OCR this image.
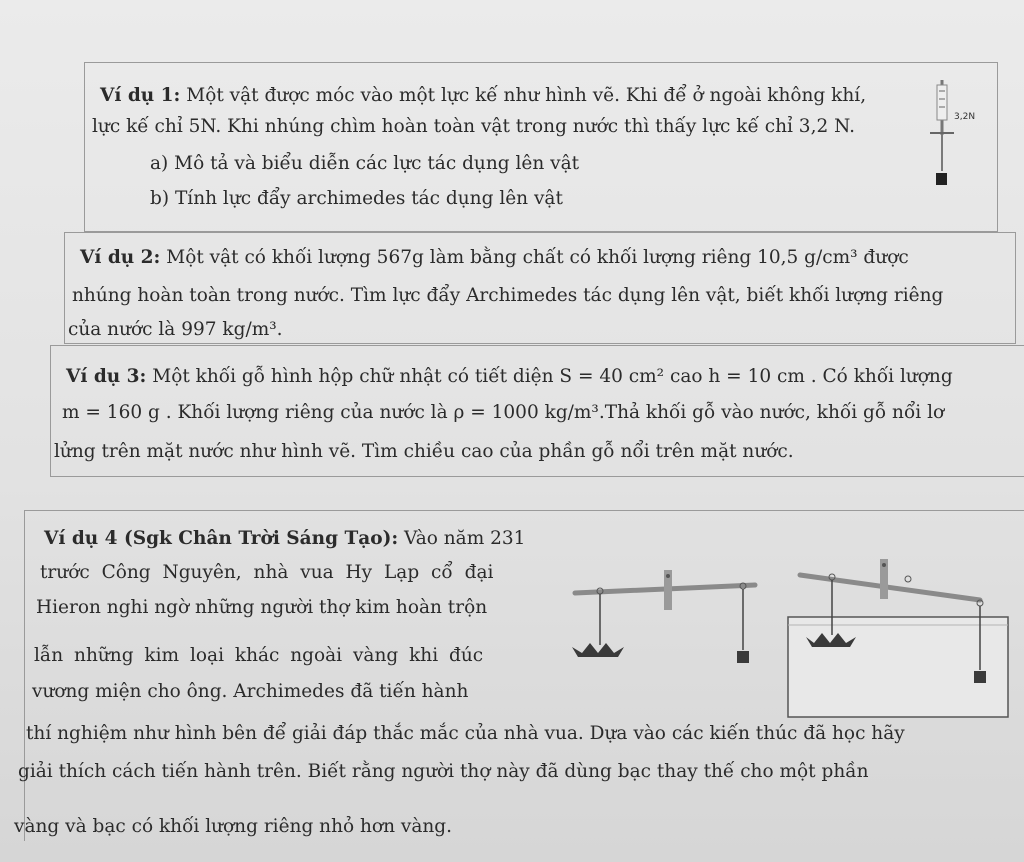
Ví dụ 1: Một vật được móc vào một lực kế như hình vẽ. Khi để ở ngoài không khí,
lực kế chỉ 5N. Khi nhúng chìm hoàn toàn vật trong nước thì thấy lực kế chỉ 3,2 N.
a) Mô tả và biểu diễn các lực tác dụng lên vật
b) Tính lực đẩy archimedes tác dụng lên vật
3,2N
Ví dụ 2: Một vật có khối lượng 567g làm bằng chất có khối lượng riêng 10,5 g/cm³ được
nhúng hoàn toàn trong nước. Tìm lực đẩy Archimedes tác dụng lên vật, biết khối lượng riêng
của nước là 997 kg/m³.
Ví dụ 3: Một khối gỗ hình hộp chữ nhật có tiết diện S = 40 cm² cao h = 10 cm . Có khối lượng
m = 160 g . Khối lượng riêng của nước là ρ = 1000 kg/m³.Thả khối gỗ vào nước, khối gỗ nổi lơ
lửng trên mặt nước như hình vẽ. Tìm chiều cao của phần gỗ nổi trên mặt nước.
Ví dụ 4 (Sgk Chân Trời Sáng Tạo): Vào năm 231
trước Công Nguyên, nhà vua Hy Lạp cổ đại
Hieron nghi ngờ những người thợ kim hoàn trộn
lẫn những kim loại khác ngoài vàng khi đúc
vương miện cho ông. Archimedes đã tiến hành
thí nghiệm như hình bên để giải đáp thắc mắc của nhà vua. Dựa vào các kiến thúc đã học hãy
giải thích cách tiến hành trên. Biết rằng người thợ này đã dùng bạc thay thế cho một phần
vàng và bạc có khối lượng riêng nhỏ hơn vàng.
